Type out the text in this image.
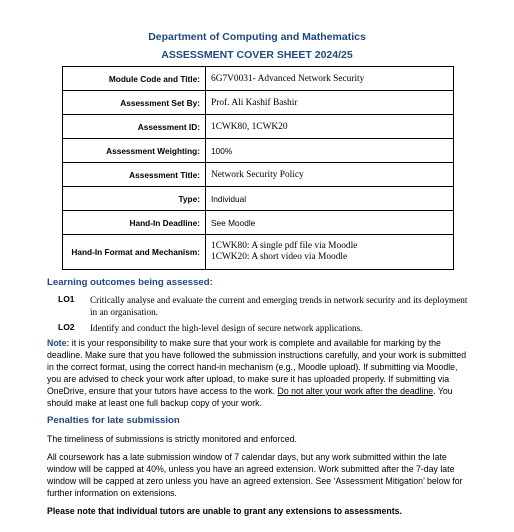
Department of Computing and Mathematics
ASSESSMENT COVER SHEET 2024/25
Module Code and Title:	6G7V0031- Advanced Network Security
Assessment Set By:	Prof. Ali Kashif Bashir
Assessment ID:	1CWK80, 1CWK20
Assessment Weighting:	100%
Assessment Title:	Network Security Policy
Type:	Individual
Hand-In Deadline:	See Moodle
Hand-In Format and Mechanism:	1CWK80: A single pdf file via Moodle
1CWK20: A short video via Moodle
Learning outcomes being assessed:
LO1 Critically analyse and evaluate the current and emerging trends in network security and its deployment in an organisation.
LO2 Identify and conduct the high-level design of secure network applications.
Note: it is your responsibility to make sure that your work is complete and available for marking by the deadline. Make sure that you have followed the submission instructions carefully, and your work is submitted in the correct format, using the correct hand-in mechanism (e.g., Moodle upload). If submitting via Moodle, you are advised to check your work after upload, to make sure it has uploaded properly. If submitting via OneDrive, ensure that your tutors have access to the work. Do not alter your work after the deadline. You should make at least one full backup copy of your work.
Penalties for late submission
The timeliness of submissions is strictly monitored and enforced.
All coursework has a late submission window of 7 calendar days, but any work submitted within the late window will be capped at 40%, unless you have an agreed extension. Work submitted after the 7-day late window will be capped at zero unless you have an agreed extension. See ‘Assessment Mitigation’ below for further information on extensions.
Please note that individual tutors are unable to grant any extensions to assessments.
